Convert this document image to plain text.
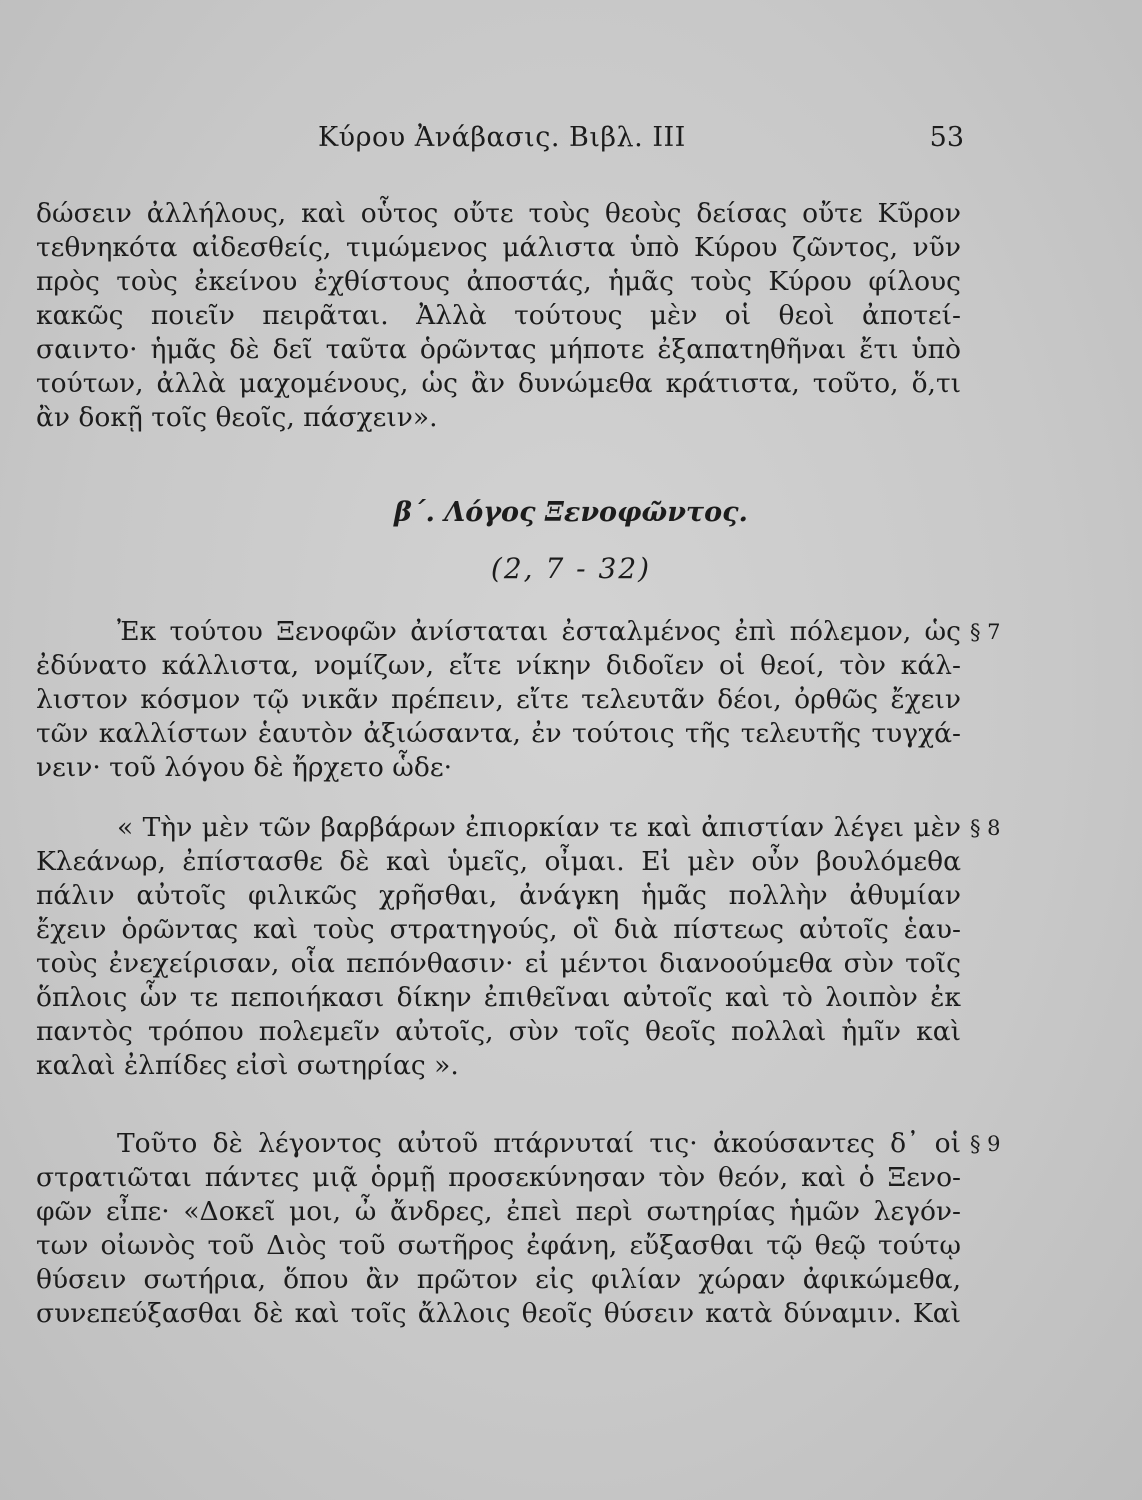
Κύρου Ἀνάβασις. Βιβλ. III	53
δώσειν ἀλλήλους, καὶ οὗτος οὔτε τοὺς θεοὺς δείσας οὔτε Κῦρον
τεθνηκότα αἰδεσθείς, τιμώμενος μάλιστα ὑπὸ Κύρου ζῶντος, νῦν
πρὸς τοὺς ἐκείνου ἐχθίστους ἀποστάς, ἡμᾶς τοὺς Κύρου φίλους
κακῶς ποιεῖν πειρᾶται. Ἀλλὰ τούτους μὲν οἱ θεοὶ ἀποτεί-
σαιντο· ἡμᾶς δὲ δεῖ ταῦτα ὁρῶντας μήποτε ἐξαπατηθῆναι ἔτι ὑπὸ
τούτων, ἀλλὰ μαχομένους, ὡς ἂν δυνώμεθα κράτιστα, τοῦτο, ὅ,τι
ἂν δοκῇ τοῖς θεοῖς, πάσχειν».
β΄. Λόγος Ξενοφῶντος.
(2, 7 - 32)
Ἐκ τούτου Ξενοφῶν ἀνίσταται ἐσταλμένος ἐπὶ πόλεμον, ὡς
ἐδύνατο κάλλιστα, νομίζων, εἴτε νίκην διδοῖεν οἱ θεοί, τὸν κάλ-
λιστον κόσμον τῷ νικᾶν πρέπειν, εἴτε τελευτᾶν δέοι, ὀρθῶς ἔχειν
τῶν καλλίστων ἑαυτὸν ἀξιώσαντα, ἐν τούτοις τῆς τελευτῆς τυγχά-
νειν· τοῦ λόγου δὲ ἤρχετο ὧδε·
« Τὴν μὲν τῶν βαρβάρων ἐπιορκίαν τε καὶ ἀπιστίαν λέγει μὲν
Κλεάνωρ, ἐπίστασθε δὲ καὶ ὑμεῖς, οἶμαι. Εἰ μὲν οὖν βουλόμεθα
πάλιν αὐτοῖς φιλικῶς χρῆσθαι, ἀνάγκη ἡμᾶς πολλὴν ἀθυμίαν
ἔχειν ὁρῶντας καὶ τοὺς στρατηγούς, οἳ διὰ πίστεως αὐτοῖς ἑαυ-
τοὺς ἐνεχείρισαν, οἷα πεπόνθασιν· εἰ μέντοι διανοούμεθα σὺν τοῖς
ὅπλοις ὧν τε πεποιήκασι δίκην ἐπιθεῖναι αὐτοῖς καὶ τὸ λοιπὸν ἐκ
παντὸς τρόπου πολεμεῖν αὐτοῖς, σὺν τοῖς θεοῖς πολλαὶ ἡμῖν καὶ
καλαὶ ἐλπίδες εἰσὶ σωτηρίας ».
Τοῦτο δὲ λέγοντος αὐτοῦ πτάρνυταί τις· ἀκούσαντες δ᾽ οἱ
στρατιῶται πάντες μιᾷ ὁρμῇ προσεκύνησαν τὸν θεόν, καὶ ὁ Ξενο-
φῶν εἶπε· «Δοκεῖ μοι, ὦ ἄνδρες, ἐπεὶ περὶ σωτηρίας ἡμῶν λεγόν-
των οἰωνὸς τοῦ Διὸς τοῦ σωτῆρος ἐφάνη, εὔξασθαι τῷ θεῷ τούτῳ
θύσειν σωτήρια, ὅπου ἂν πρῶτον εἰς φιλίαν χώραν ἀφικώμεθα,
συνεπεύξασθαι δὲ καὶ τοῖς ἄλλοις θεοῖς θύσειν κατὰ δύναμιν. Καὶ
§ 7
§ 8
§ 9
